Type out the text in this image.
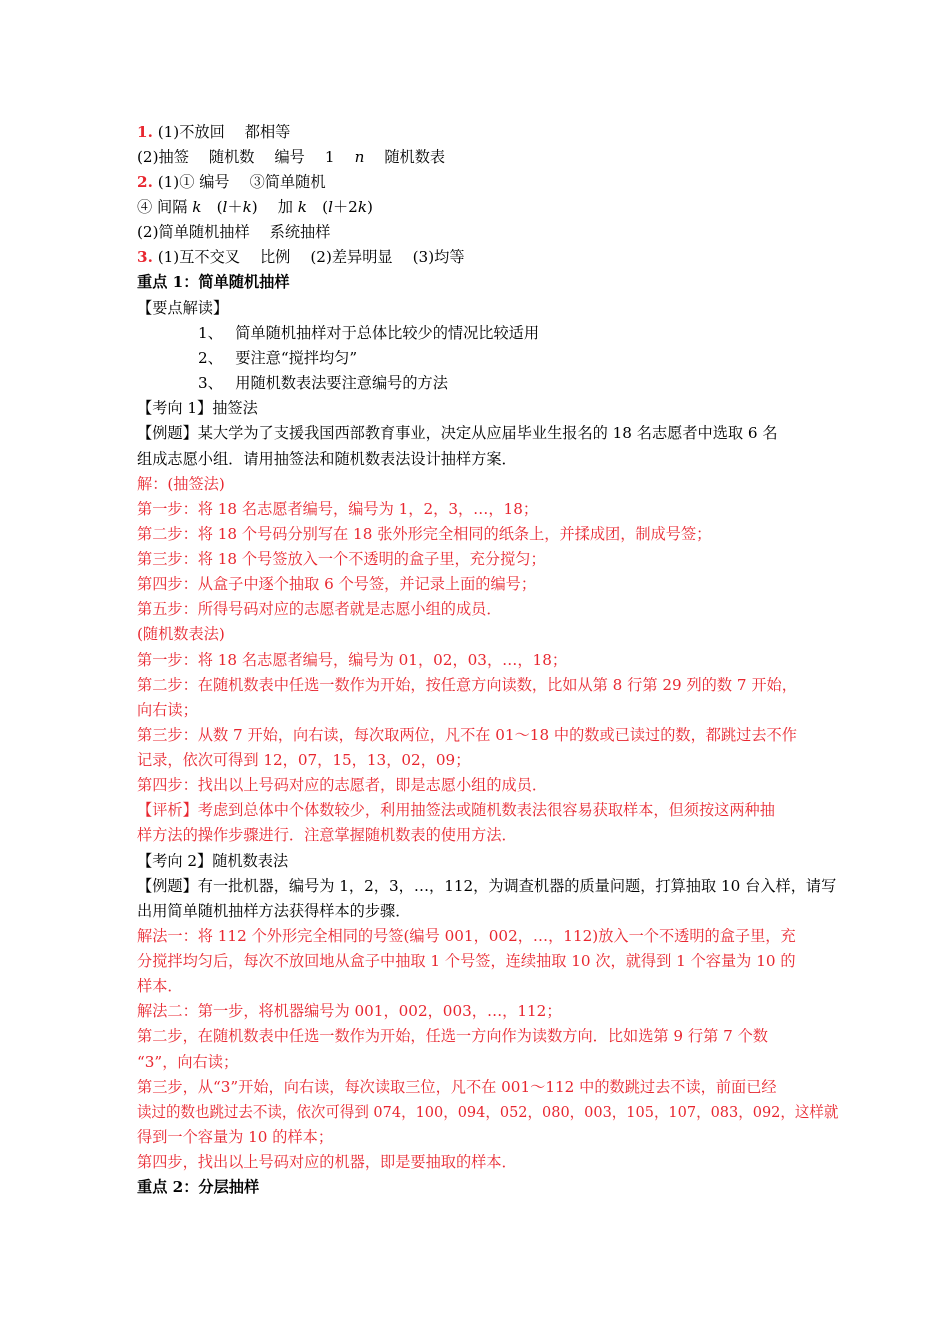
1. (1)不放回　 都相等
(2)抽签　 随机数　 编号　 1　 n　 随机数表
2. (1)① 编号　 ③简单随机
④ 间隔 k　(l＋k)　 加 k　(l＋2k)
(2)简单随机抽样　 系统抽样
3. (1)互不交叉　 比例　 (2)差异明显　 (3)均等
重点 1：简单随机抽样
【要点解读】
1、　 简单随机抽样对于总体比较少的情况比较适用
2、　 要注意“搅拌均匀”
3、　 用随机数表法要注意编号的方法
【考向 1】抽签法
【例题】某大学为了支援我国西部教育事业，决定从应届毕业生报名的 18 名志愿者中选取 6 名
组成志愿小组．请用抽签法和随机数表法设计抽样方案．
解：(抽签法)
第一步：将 18 名志愿者编号，编号为 1，2，3，…，18；
第二步：将 18 个号码分别写在 18 张外形完全相同的纸条上，并揉成团，制成号签；
第三步：将 18 个号签放入一个不透明的盒子里，充分搅匀；
第四步：从盒子中逐个抽取 6 个号签，并记录上面的编号；
第五步：所得号码对应的志愿者就是志愿小组的成员．
(随机数表法)
第一步：将 18 名志愿者编号，编号为 01，02，03，…，18；
第二步：在随机数表中任选一数作为开始，按任意方向读数，比如从第 8 行第 29 列的数 7 开始，
向右读；
第三步：从数 7 开始，向右读，每次取两位，凡不在 01～18 中的数或已读过的数，都跳过去不作
记录，依次可得到 12，07，15，13，02，09；
第四步：找出以上号码对应的志愿者，即是志愿小组的成员．
【评析】考虑到总体中个体数较少，利用抽签法或随机数表法很容易获取样本，但须按这两种抽
样方法的操作步骤进行．注意掌握随机数表的使用方法．
【考向 2】随机数表法
【例题】有一批机器，编号为 1，2，3，…，112，为调查机器的质量问题，打算抽取 10 台入样，请写
出用简单随机抽样方法获得样本的步骤．
解法一：将 112 个外形完全相同的号签(编号 001，002，…，112)放入一个不透明的盒子里，充
分搅拌均匀后，每次不放回地从盒子中抽取 1 个号签，连续抽取 10 次，就得到 1 个容量为 10 的
样本．
解法二：第一步，将机器编号为 001，002，003，…，112；
第二步，在随机数表中任选一数作为开始，任选一方向作为读数方向．比如选第 9 行第 7 个数
“3”，向右读；
第三步，从“3”开始，向右读，每次读取三位，凡不在 001～112 中的数跳过去不读，前面已经
读过的数也跳过去不读，依次可得到 074，100，094，052，080，003，105，107，083，092，这样就
得到一个容量为 10 的样本；
第四步，找出以上号码对应的机器，即是要抽取的样本．
重点 2：分层抽样
